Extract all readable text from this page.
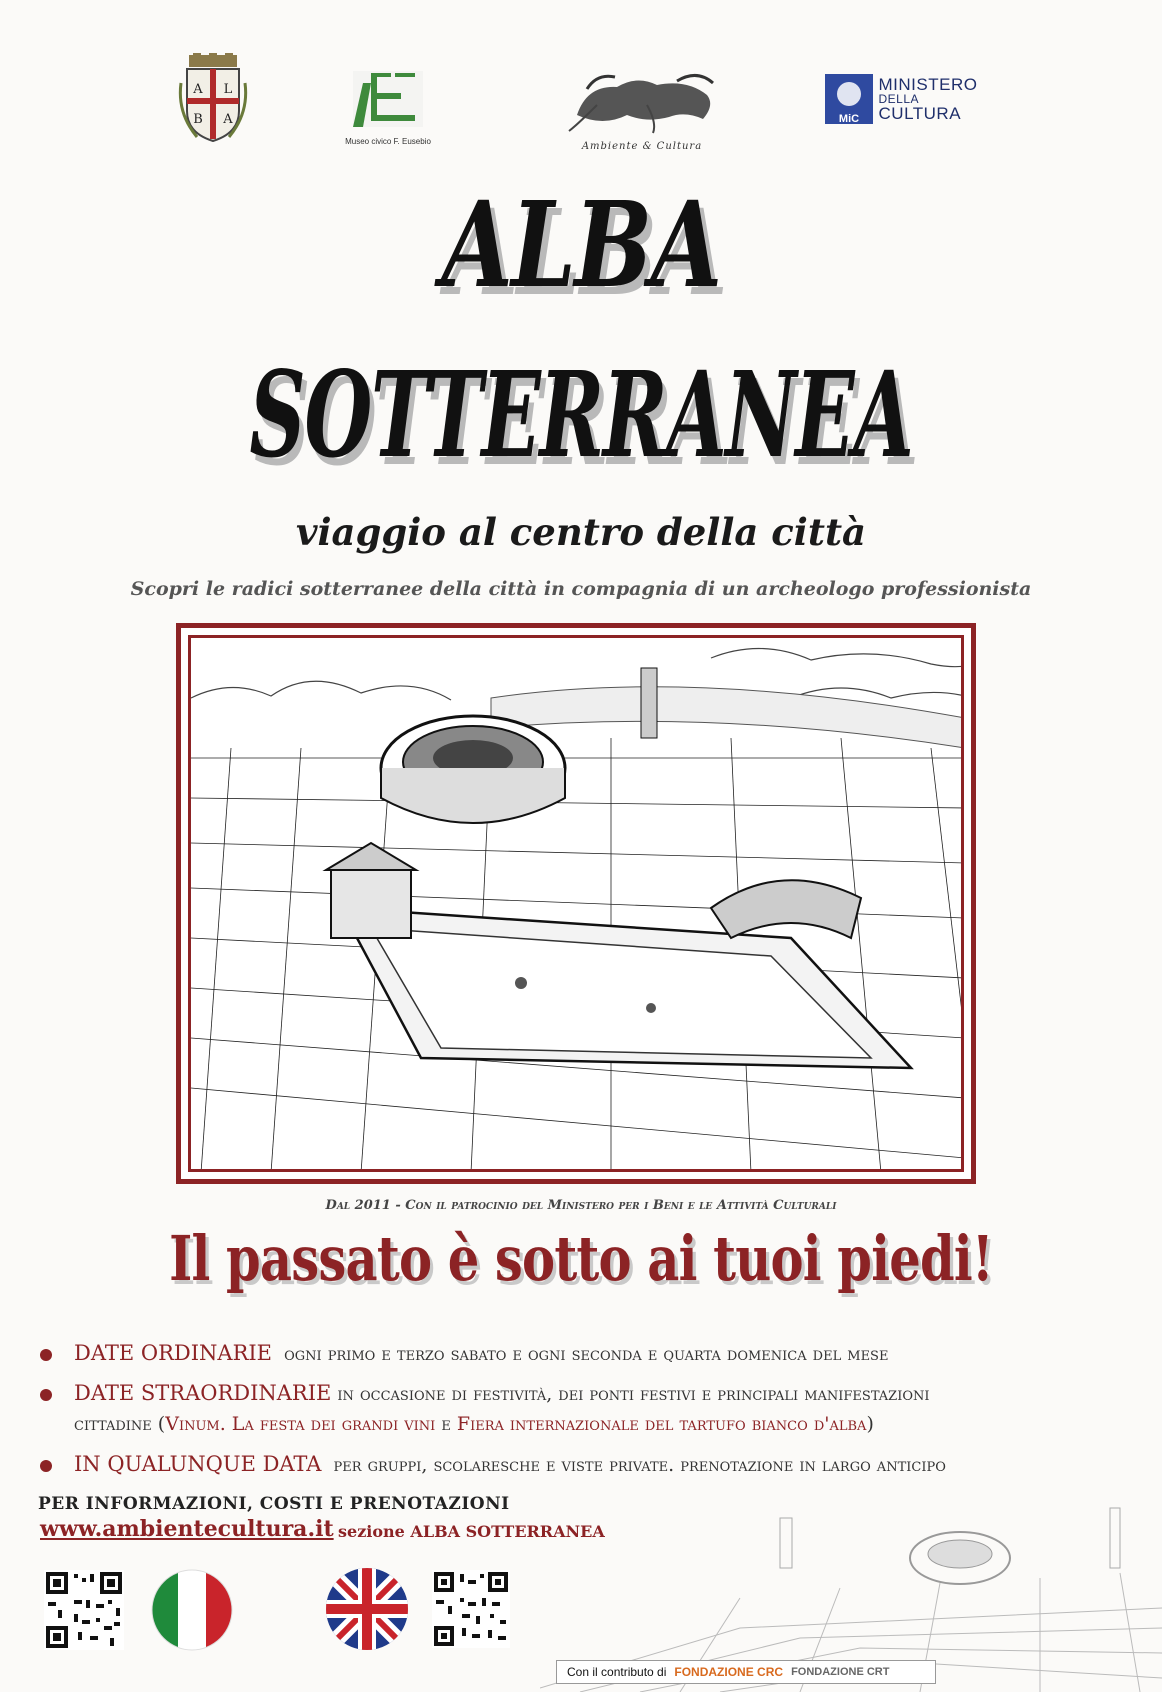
A L
B A
Museo civico F. Eusebio	Ambiente & Cultura
MiC
MINISTERO
DELLA
CULTURA
ALBA
SOTTERRANEA
viaggio al centro della città
Scopri le radici sotterranee della città in compagnia di un archeologo professionista
Dal 2011 - Con il patrocinio del Ministero per i Beni e le Attività Culturali
Il passato è sotto ai tuoi piedi!
DATE ORDINARIE ogni primo e terzo sabato e ogni seconda e quarta domenica del mese
DATE STRAORDINARIE in occasione di festività, dei ponti festivi e principali manifestazioni
cittadine (Vinum. La festa dei grandi vini e Fiera internazionale del tartufo bianco d'alba)
IN QUALUNQUE DATA per gruppi, scolaresche e viste private. prenotazione in largo anticipo
PER INFORMAZIONI, COSTI E PRENOTAZIONI
www.ambientecultura.it sezione ALBA SOTTERRANEA
Con il contributo di FONDAZIONE CRC FONDAZIONE CRT
